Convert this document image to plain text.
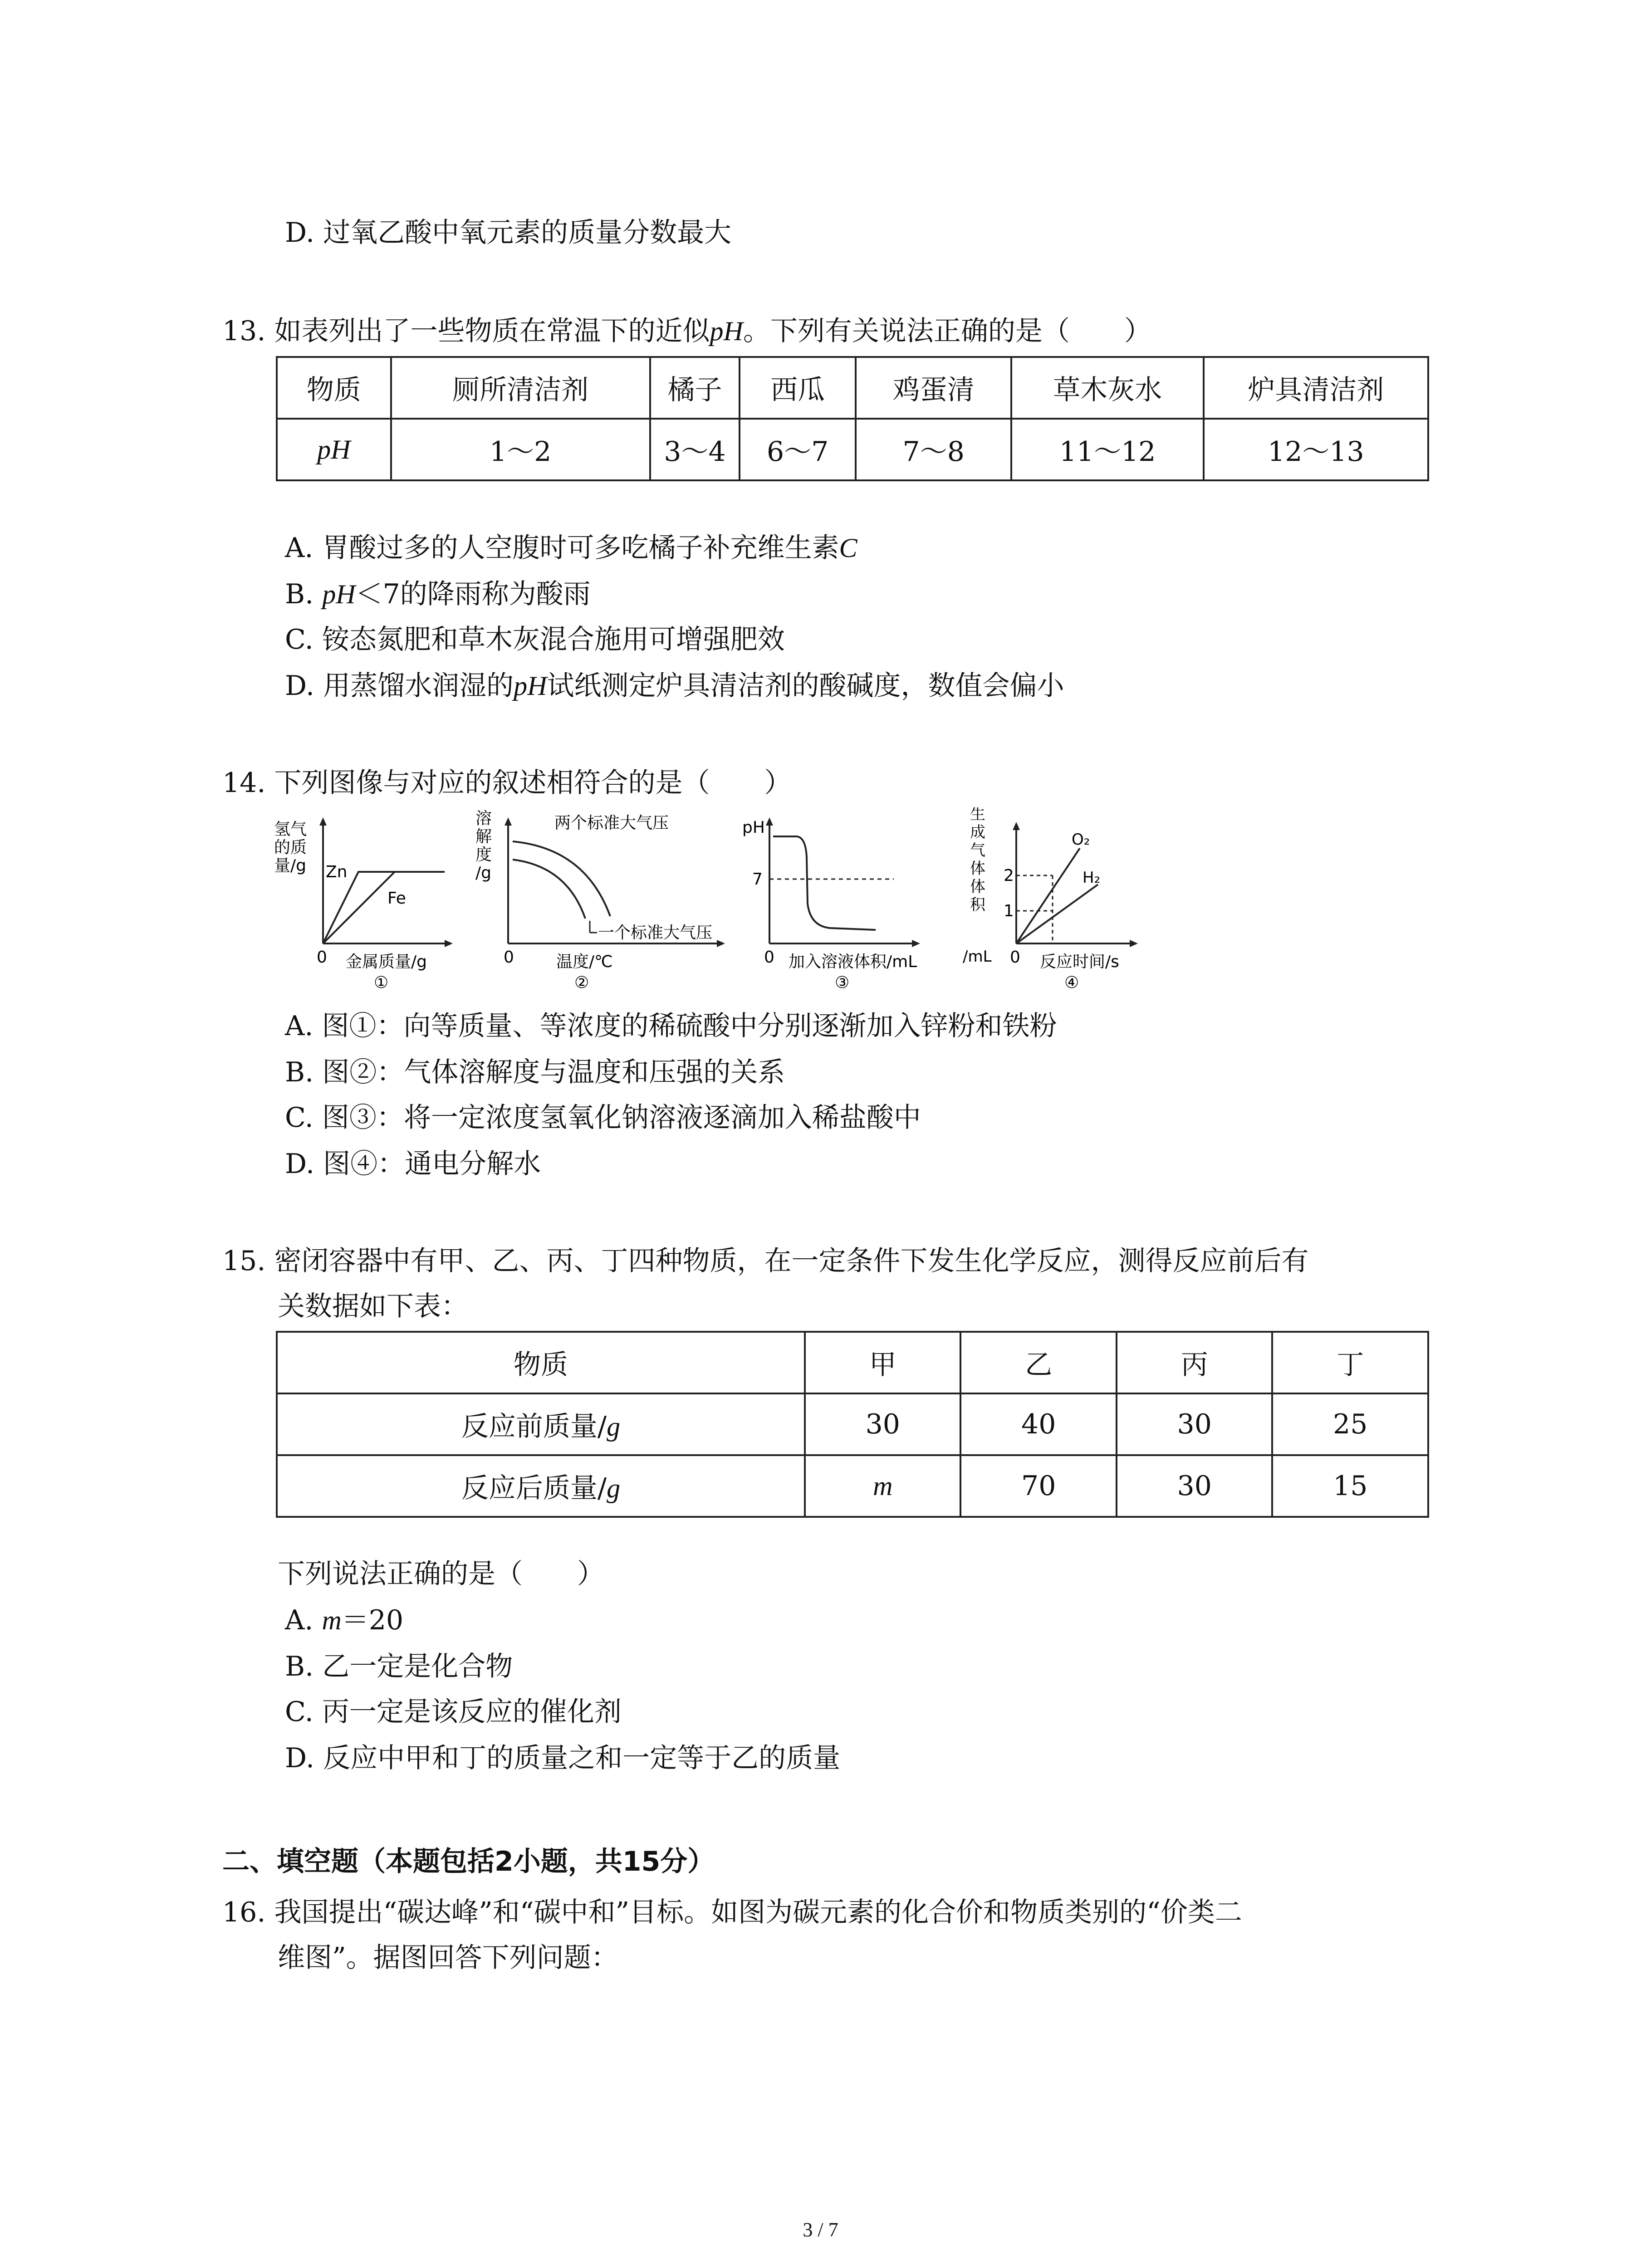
D. 过氧乙酸中氧元素的质量分数最大
13. 如表列出了一些物质在常温下的近似pH。下列有关说法正确的是（　　）
物质	厕所清洁剂	橘子	西瓜	鸡蛋清	草木灰水	炉具清洁剂
pH	1～2	3～4	6～7	7～8	11～12	12～13
A. 胃酸过多的人空腹时可多吃橘子补充维生素C
B. pH＜7的降雨称为酸雨
C. 铵态氮肥和草木灰混合施用可增强肥效
D. 用蒸馏水润湿的pH试纸测定炉具清洁剂的酸碱度，数值会偏小
14. 下列图像与对应的叙述相符合的是（　　）
氢气
的质
量/g Zn
Fe
0 金属质量/g
①
溶
解
度
/g
两个标准大气压
一个标准大气压
0	温度/℃
②
pH
7
0 加入溶液体积/mL
③
生
成
气
体
体
积
/mL
2
1
O₂
H₂
0 反应时间/s
④
A. 图①：向等质量、等浓度的稀硫酸中分别逐渐加入锌粉和铁粉
B. 图②：气体溶解度与温度和压强的关系
C. 图③：将一定浓度氢氧化钠溶液逐滴加入稀盐酸中
D. 图④：通电分解水
15. 密闭容器中有甲、乙、丙、丁四种物质，在一定条件下发生化学反应，测得反应前后有
关数据如下表：
物质	甲	乙	丙	丁
反应前质量/g	30	40	30	25
反应后质量/g	m	70	30	15
下列说法正确的是（　　）
A. m＝20
B. 乙一定是化合物
C. 丙一定是该反应的催化剂
D. 反应中甲和丁的质量之和一定等于乙的质量
二、填空题（本题包括2小题，共15分）
16. 我国提出“碳达峰”和“碳中和”目标。如图为碳元素的化合价和物质类别的“价类二
维图”。据图回答下列问题：
3 / 7
